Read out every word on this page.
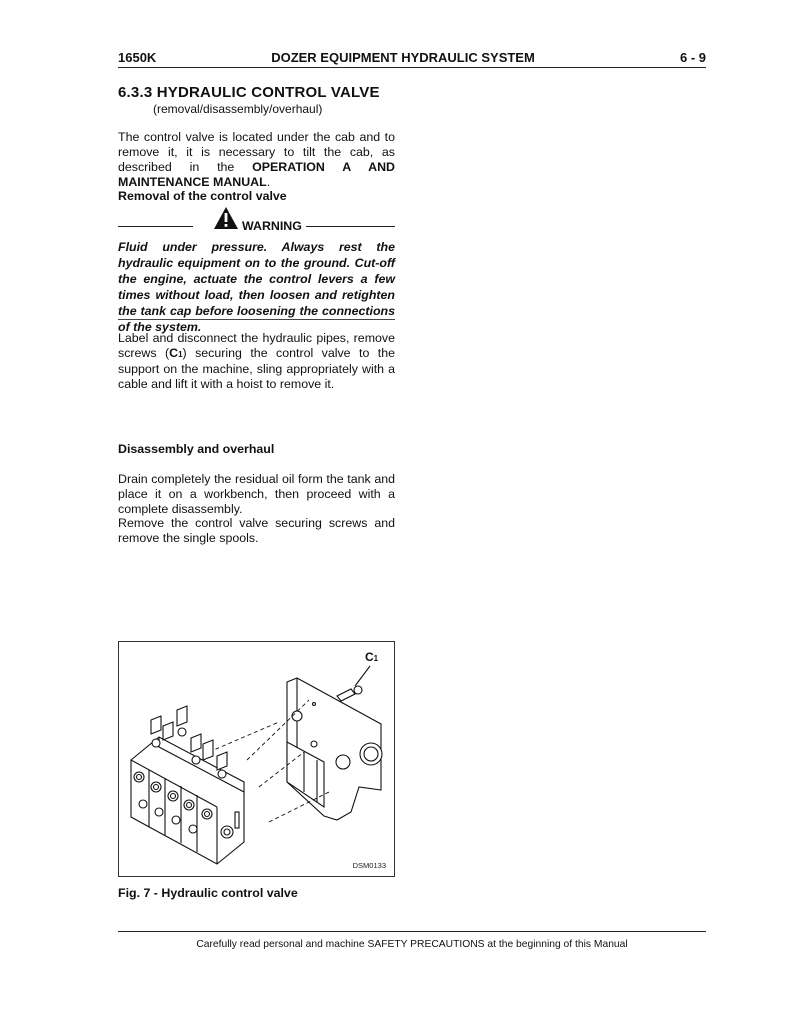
1650K	DOZER EQUIPMENT HYDRAULIC SYSTEM	6 - 9
6.3.3 HYDRAULIC CONTROL VALVE
(removal/disassembly/overhaul)
The control valve is located under the cab and to remove it, it is necessary to tilt the cab, as described in the OPERATION A AND MAINTENANCE MANUAL.
Removal of the control valve
WARNING
Fluid under pressure. Always rest the hydraulic equipment on to the ground. Cut-off the engine, actuate the control levers a few times without load, then loosen and retighten the tank cap before loosening the connections of the system.
Label and disconnect the hydraulic pipes, remove screws (C1) securing the control valve to the support on the machine, sling appropriately with a cable and lift it with a hoist to remove it.
Disassembly and overhaul
Drain completely the residual oil form the tank and place it on a workbench, then proceed with a complete disassembly.
Remove the control valve securing screws and remove the single spools.
C1
DSM0133
Fig. 7 - Hydraulic control valve
Carefully read personal and machine SAFETY PRECAUTIONS at the beginning of this Manual
